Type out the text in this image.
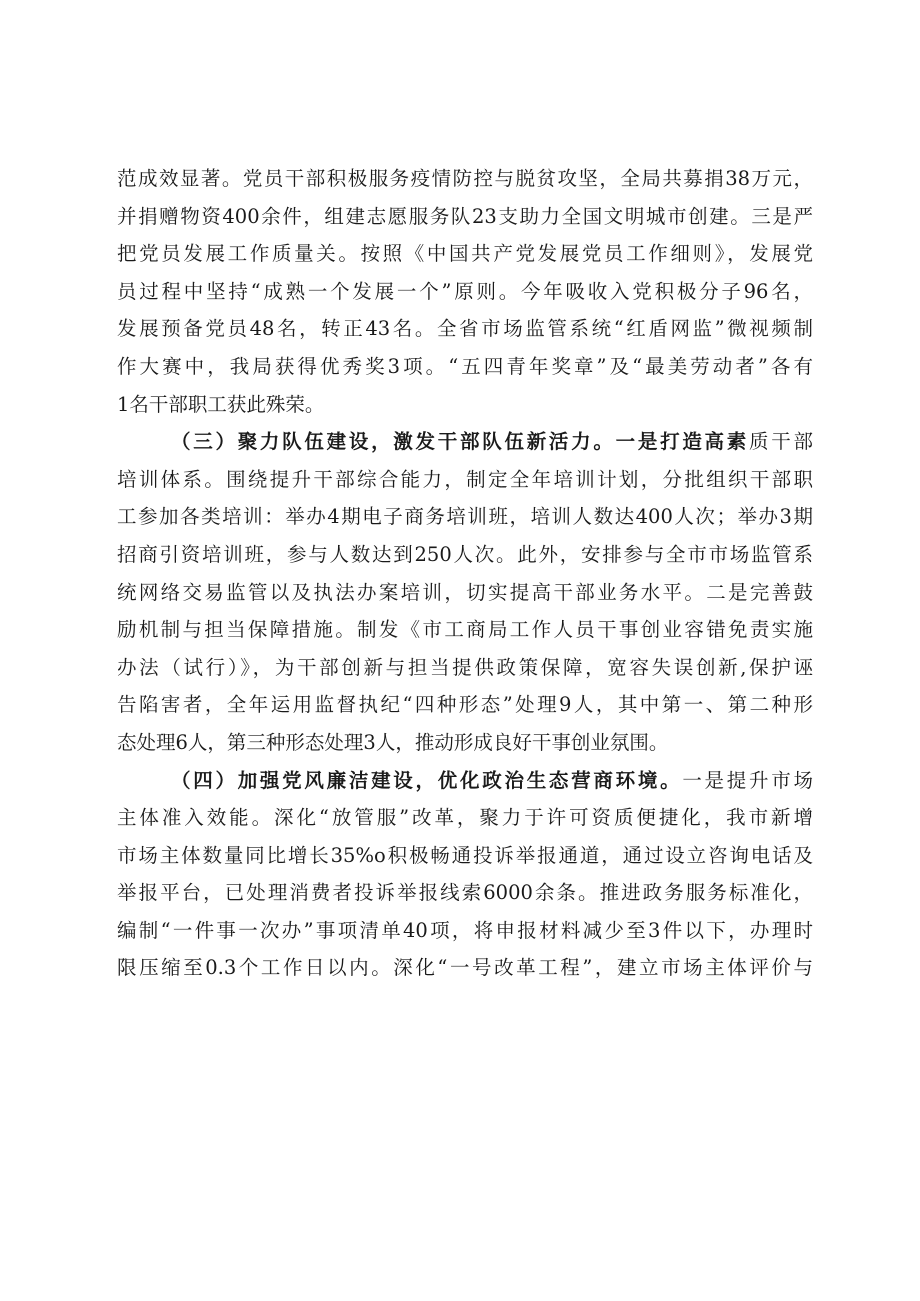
范成效显著。党员干部积极服务疫情防控与脱贫攻坚，全局共募捐38万元，
并捐赠物资400余件，组建志愿服务队23支助力全国文明城市创建。三是严
把党员发展工作质量关。按照《中国共产党发展党员工作细则》，发展党
员过程中坚持“成熟一个发展一个”原则。今年吸收入党积极分子96名，
发展预备党员48名，转正43名。全省市场监管系统“红盾网监”微视频制
作大赛中，我局获得优秀奖3项。“五四青年奖章”及“最美劳动者”各有
1名干部职工获此殊荣。
（三）聚力队伍建设，激发干部队伍新活力。一是打造高素质干部
培训体系。围绕提升干部综合能力，制定全年培训计划，分批组织干部职
工参加各类培训：举办4期电子商务培训班，培训人数达400人次；举办3期
招商引资培训班，参与人数达到250人次。此外，安排参与全市市场监管系
统网络交易监管以及执法办案培训，切实提高干部业务水平。二是完善鼓
励机制与担当保障措施。制发《市工商局工作人员干事创业容错免责实施
办法（试行）》，为干部创新与担当提供政策保障，宽容失误创新,保护诬
告陷害者，全年运用监督执纪“四种形态”处理9人，其中第一、第二种形
态处理6人，第三种形态处理3人，推动形成良好干事创业氛围。
（四）加强党风廉洁建设，优化政治生态营商环境。一是提升市场
主体准入效能。深化“放管服”改革，聚力于许可资质便捷化，我市新增
市场主体数量同比增长35%o积极畅通投诉举报通道，通过设立咨询电话及
举报平台，已处理消费者投诉举报线索6000余条。推进政务服务标准化，
编制“一件事一次办”事项清单40项，将申报材料减少至3件以下，办理时
限压缩至0.3个工作日以内。深化“一号改革工程”，建立市场主体评价与
